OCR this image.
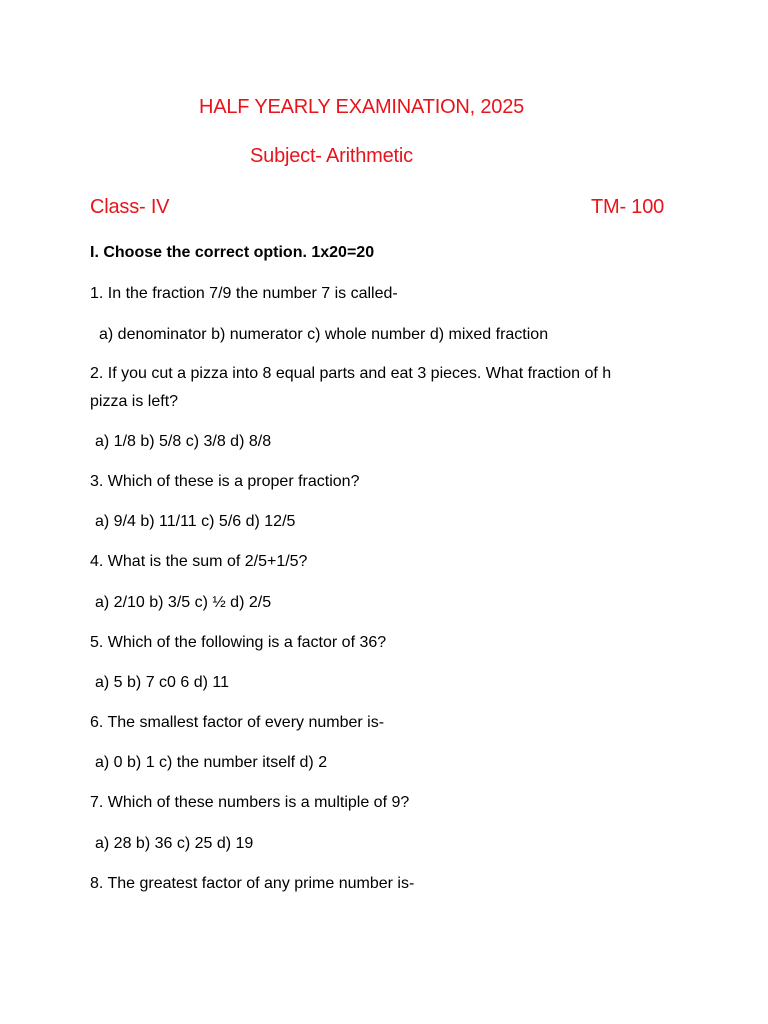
HALF YEARLY EXAMINATION, 2025
Subject- Arithmetic
Class- IV	TM- 100
I. Choose the correct option. 1x20=20
1. In the fraction 7/9 the number 7 is called-
a) denominator b) numerator c) whole number d) mixed fraction
2. If you cut a pizza into 8 equal parts and eat 3 pieces. What fraction of h
pizza is left?
a) 1/8 b) 5/8 c) 3/8 d) 8/8
3. Which of these is a proper fraction?
a) 9/4 b) 11/11 c) 5/6 d) 12/5
4. What is the sum of 2/5+1/5?
a) 2/10 b) 3/5 c) ½ d) 2/5
5. Which of the following is a factor of 36?
a) 5 b) 7 c0 6 d) 11
6. The smallest factor of every number is-
a) 0 b) 1 c) the number itself d) 2
7. Which of these numbers is a multiple of 9?
a) 28 b) 36 c) 25 d) 19
8. The greatest factor of any prime number is-
